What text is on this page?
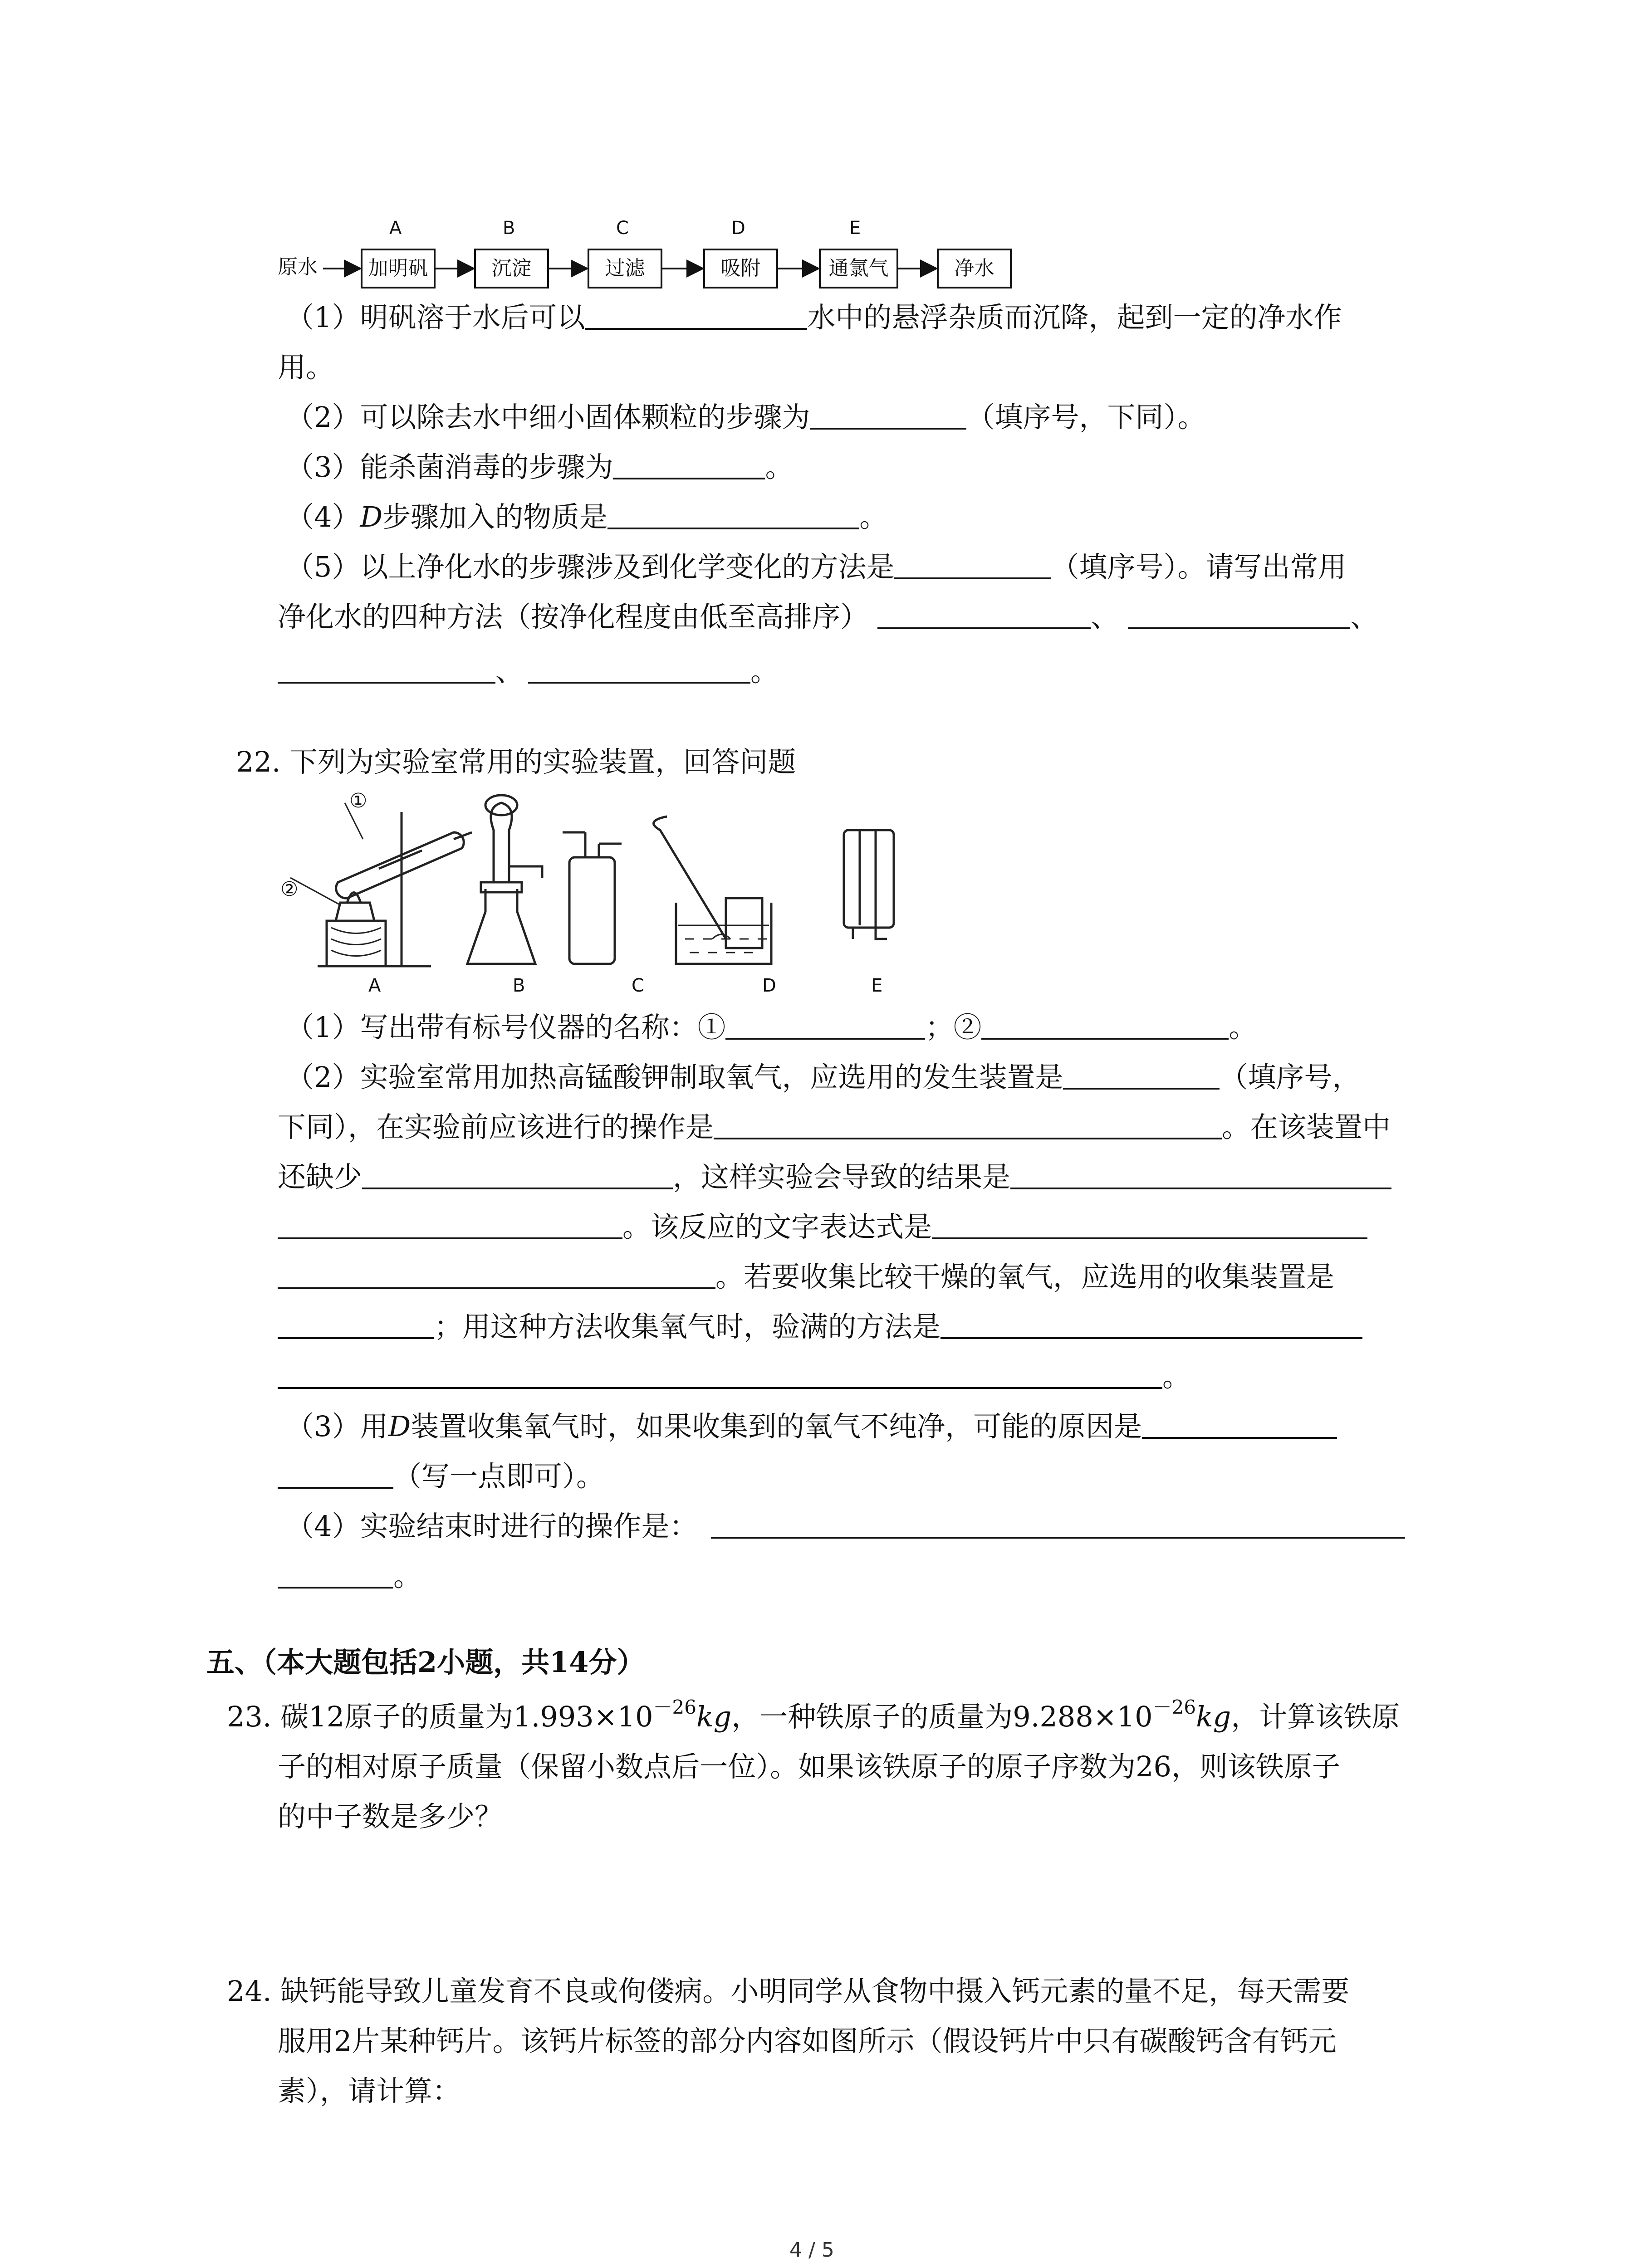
原水
A
加明矾
B
沉淀
C
过滤
D
吸附
E
通氯气	净水
（1）明矾溶于水后可以	水中的悬浮杂质而沉降，起到一定的净水作
用。
（2）可以除去水中细小固体颗粒的步骤为	（填序号，下同）。
（3）能杀菌消毒的步骤为	。
（4）D步骤加入的物质是	。
（5）以上净化水的步骤涉及到化学变化的方法是	（填序号）。请写出常用
净化水的四种方法（按净化程度由低至高排序）	、	、
、	。
22. 下列为实验室常用的实验装置，回答问题
①
②
A	B	C	D	E
（1）写出带有标号仪器的名称：①	；②	。
（2）实验室常用加热高锰酸钾制取氧气，应选用的发生装置是	（填序号，
下同），在实验前应该进行的操作是	。在该装置中
还缺少	，这样实验会导致的结果是
。该反应的文字表达式是
。若要收集比较干燥的氧气，应选用的收集装置是
；用这种方法收集氧气时，验满的方法是
。
（3）用D装置收集氧气时，如果收集到的氧气不纯净，可能的原因是
（写一点即可）。
（4）实验结束时进行的操作是：
。
五、（本大题包括2小题，共14分）
23. 碳12原子的质量为$1.993\times 10^{-26}kg$，一种铁原子的质量为$9.288\times 10^{-26}kg$，计算该铁原
子的相对原子质量（保留小数点后一位）。如果该铁原子的原子序数为26，则该铁原子
的中子数是多少？
24. 缺钙能导致儿童发育不良或佝偻病。小明同学从食物中摄入钙元素的量不足，每天需要
服用2片某种钙片。该钙片标签的部分内容如图所示（假设钙片中只有碳酸钙含有钙元
素），请计算：
4 / 5
